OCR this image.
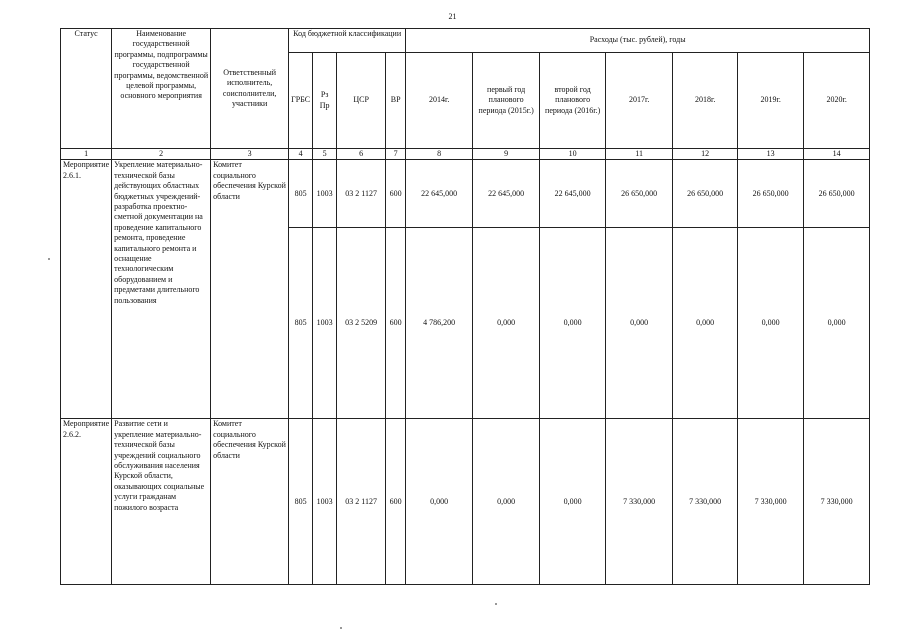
21
Статус	Наименование государственной программы, подпрограммы государственной программы, ведомственной целевой программы, основного мероприятия	Ответственный исполнитель, соисполнители, участники	Код бюджетной классификации				Расходы (тыс. рублей), годы						
			ГРБС	Рз Пр	ЦСР	ВР	2014г.	первый год планового периода (2015г.)	второй год планового периода (2016г.)	2017г.	2018г.	2019г.	2020г.
1	2	3	4	5	6	7	8	9	10	11	12	13	14
Мероприятие 2.6.1.	Укрепление материально-технической базы действующих областных бюджетных учреждений-разработка проектно-сметной документации на проведение капитального ремонта, проведение капитального ремонта и оснащение технологическим оборудованием и предметами длительного пользования	Комитет социального обеспечения Курской области	805	1003	03 2 1127	600	22 645,000	22 645,000	22 645,000	26 650,000	26 650,000	26 650,000	26 650,000
			805	1003	03 2 5209	600	4 786,200	0,000	0,000	0,000	0,000	0,000	0,000
Мероприятие 2.6.2.	Развитие сети и укрепление материально-технической базы учреждений социального обслуживания населения Курской области, оказывающих социальные услуги гражданам пожилого возраста	Комитет социального обеспечения Курской области	805	1003	03 2 1127	600	0,000	0,000	0,000	7 330,000	7 330,000	7 330,000	7 330,000
